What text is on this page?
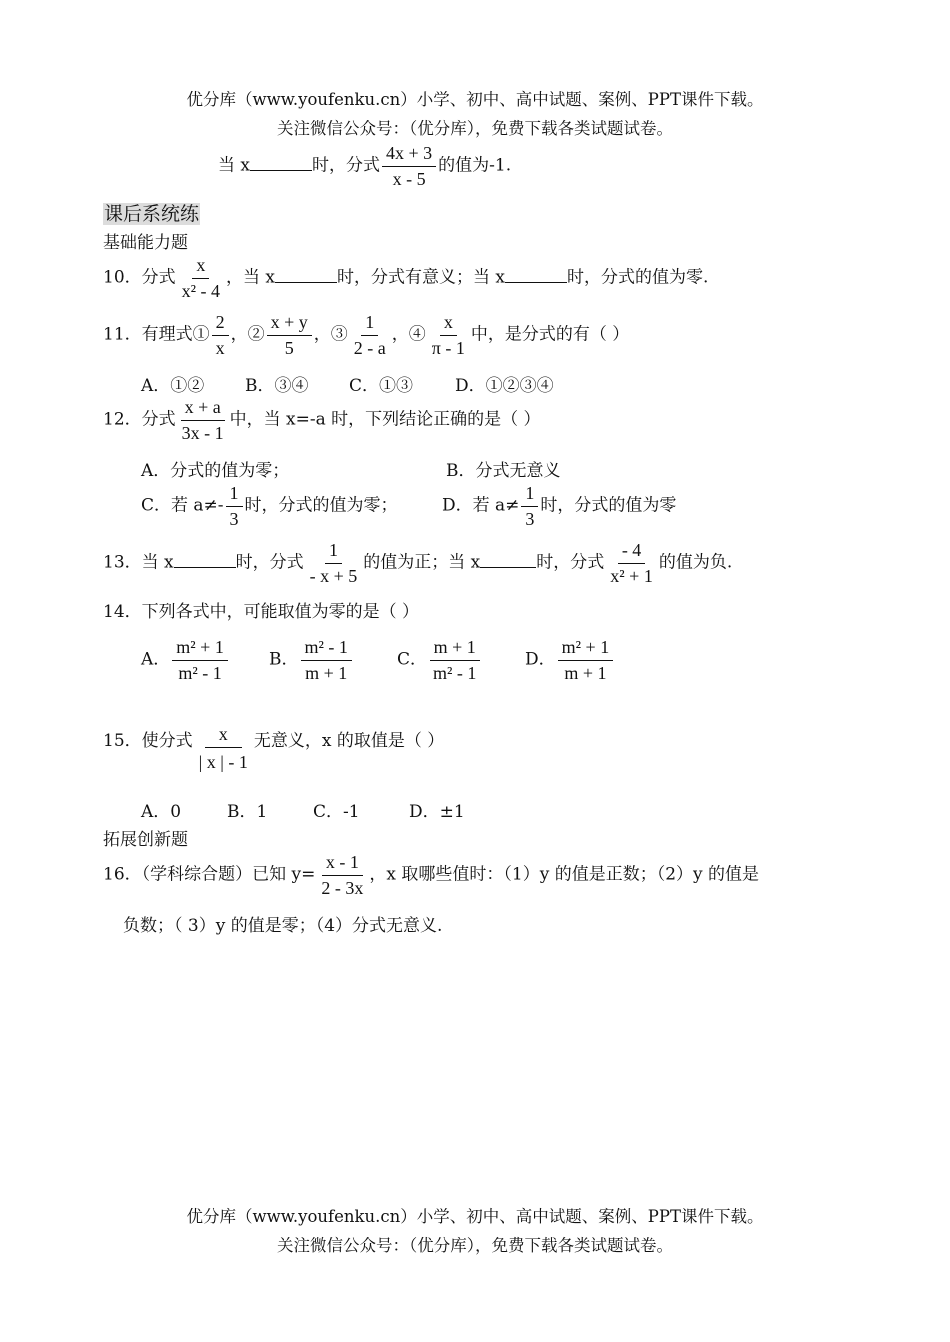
优分库（www.youfenku.cn）小学、初中、高中试题、案例、PPT课件下载。
关注微信公众号：（优分库），免费下载各类试题试卷。
当 x	时，分式 $\frac{4x + 3}{x - 5}$ 的值为-1.
课后系统练
基础能力题
10．分式 $\frac{x}{\text{x² - 4}}$ ，当 x	时，分式有意义；当 x	时，分式的值为零.
11．有理式① $\frac{2}{x}$ ，② $\frac{x + y}{5}$ ，③ $\frac{1}{2 - a}$ ，④ $\frac{x}{\pi - 1}$ 中，是分式的有（ ）
A．①② B．③④ C．①③ D．①②③④
12．分式 $\frac{x + a}{3x - 1}$ 中，当 x=-a 时，下列结论正确的是（ ）
A．分式的值为零；	B．分式无意义
C．若 $a\ne- \frac{1}{3}$ 时，分式的值为零；	D．若 $a\ne \frac{1}{3}$ 时，分式的值为零
13．当 x	时，分式 $\frac{1}{- x + 5}$ 的值为正；当 x	时，分式 $\frac{- 4}{\text{x² + 1}}$ 的值为负.
14．下列各式中，可能取值为零的是（ ）
A． $\frac{\text{m² + 1}}{\text{m² - 1}}$ B． $\frac{\text{m² - 1}}{m + 1}$	C． $\frac{m + 1}{\text{m² - 1}}$	D． $\frac{\text{m² + 1}}{m + 1}$
15．使分式 $\frac{x}{| x | - 1}$ 无意义，x 的取值是（ ）
A．0	B．1	C．-1	D．±1
拓展创新题
16．（学科综合题）已知 $y= \frac{x - 1}{2 - 3x}$ ，x 取哪些值时：（1）y 的值是正数；（2）y 的值是
负数；（ 3）y 的值是零；（4）分式无意义.
优分库（www.youfenku.cn）小学、初中、高中试题、案例、PPT课件下载。
关注微信公众号：（优分库），免费下载各类试题试卷。
